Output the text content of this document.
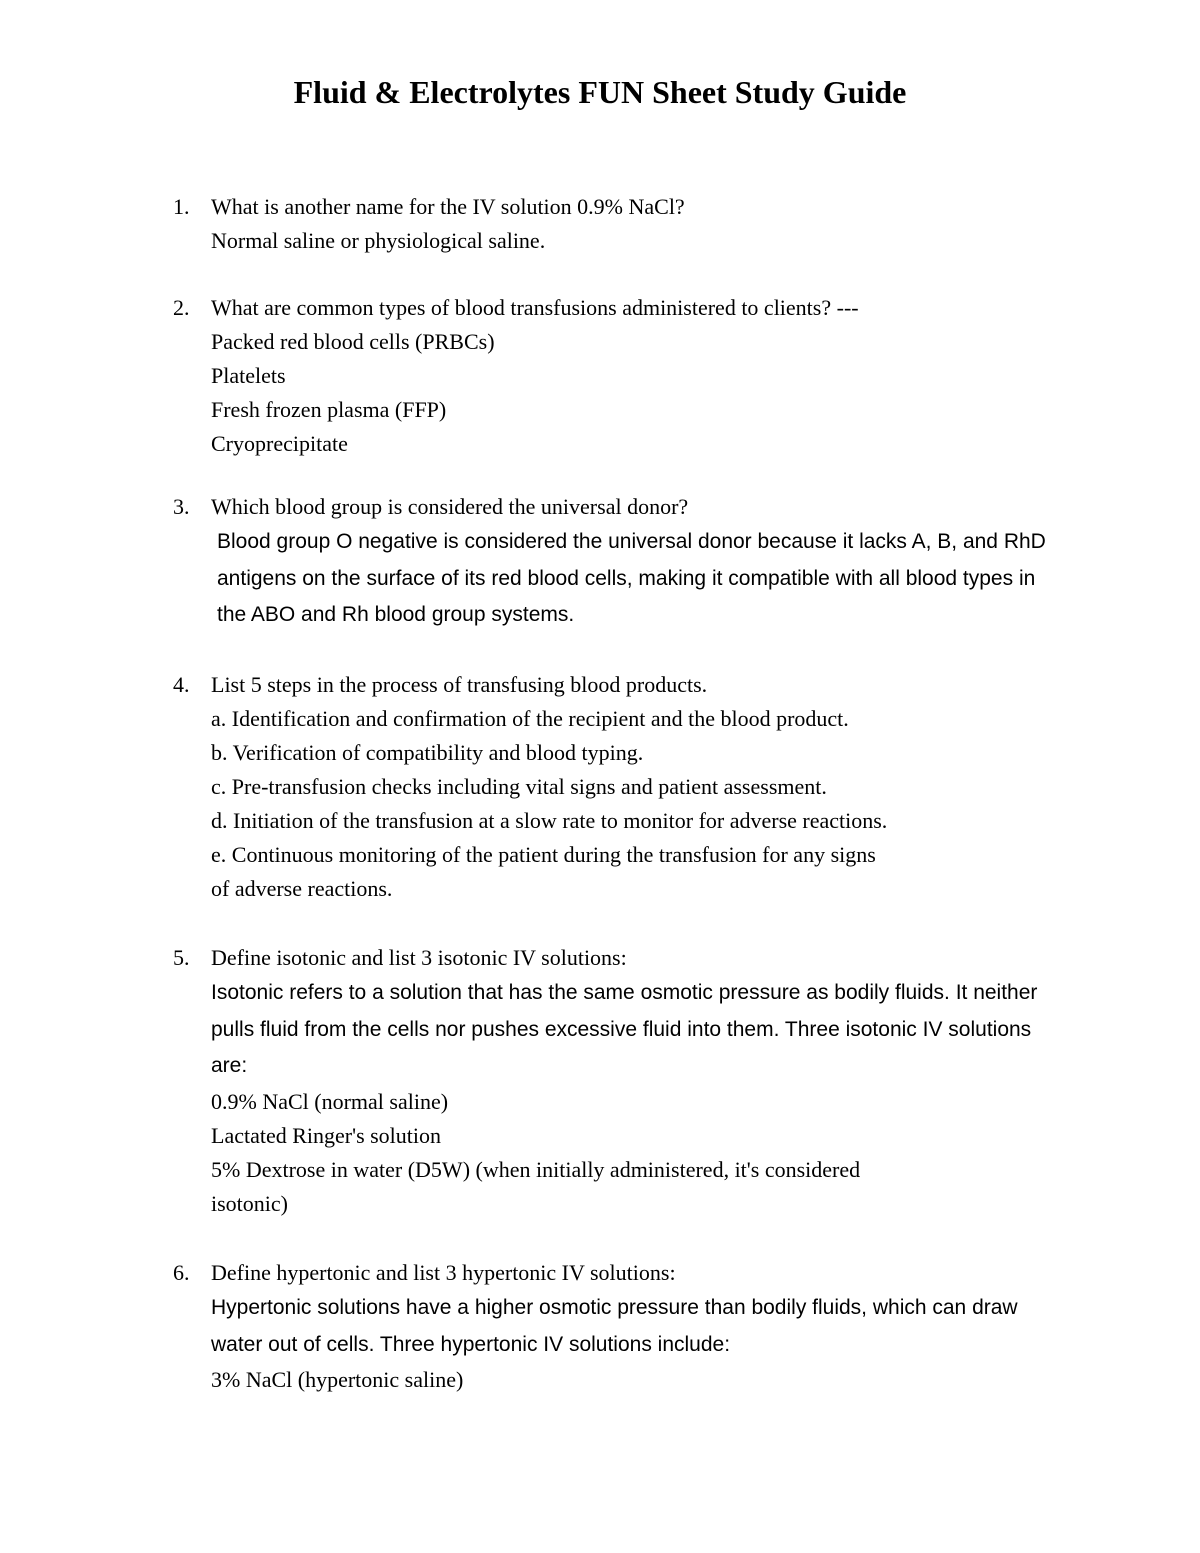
Fluid & Electrolytes FUN Sheet Study Guide
1. What is another name for the IV solution 0.9% NaCl?
Normal saline or physiological saline.
2. What are common types of blood transfusions administered to clients? ---
Packed red blood cells (PRBCs)
Platelets
Fresh frozen plasma (FFP)
Cryoprecipitate
3. Which blood group is considered the universal donor?
Blood group O negative is considered the universal donor because it lacks A, B, and RhD antigens on the surface of its red blood cells, making it compatible with all blood types in the ABO and Rh blood group systems.
4. List 5 steps in the process of transfusing blood products.
a. Identification and confirmation of the recipient and the blood product.
b. Verification of compatibility and blood typing.
c. Pre-transfusion checks including vital signs and patient assessment.
d. Initiation of the transfusion at a slow rate to monitor for adverse reactions.
e. Continuous monitoring of the patient during the transfusion for any signs
of adverse reactions.
5. Define isotonic and list 3 isotonic IV solutions:
Isotonic refers to a solution that has the same osmotic pressure as bodily fluids. It neither pulls fluid from the cells nor pushes excessive fluid into them. Three isotonic IV solutions are:
0.9% NaCl (normal saline)
Lactated Ringer's solution
5% Dextrose in water (D5W) (when initially administered, it's considered
isotonic)
6. Define hypertonic and list 3 hypertonic IV solutions:
Hypertonic solutions have a higher osmotic pressure than bodily fluids, which can draw water out of cells. Three hypertonic IV solutions include:
3% NaCl (hypertonic saline)
